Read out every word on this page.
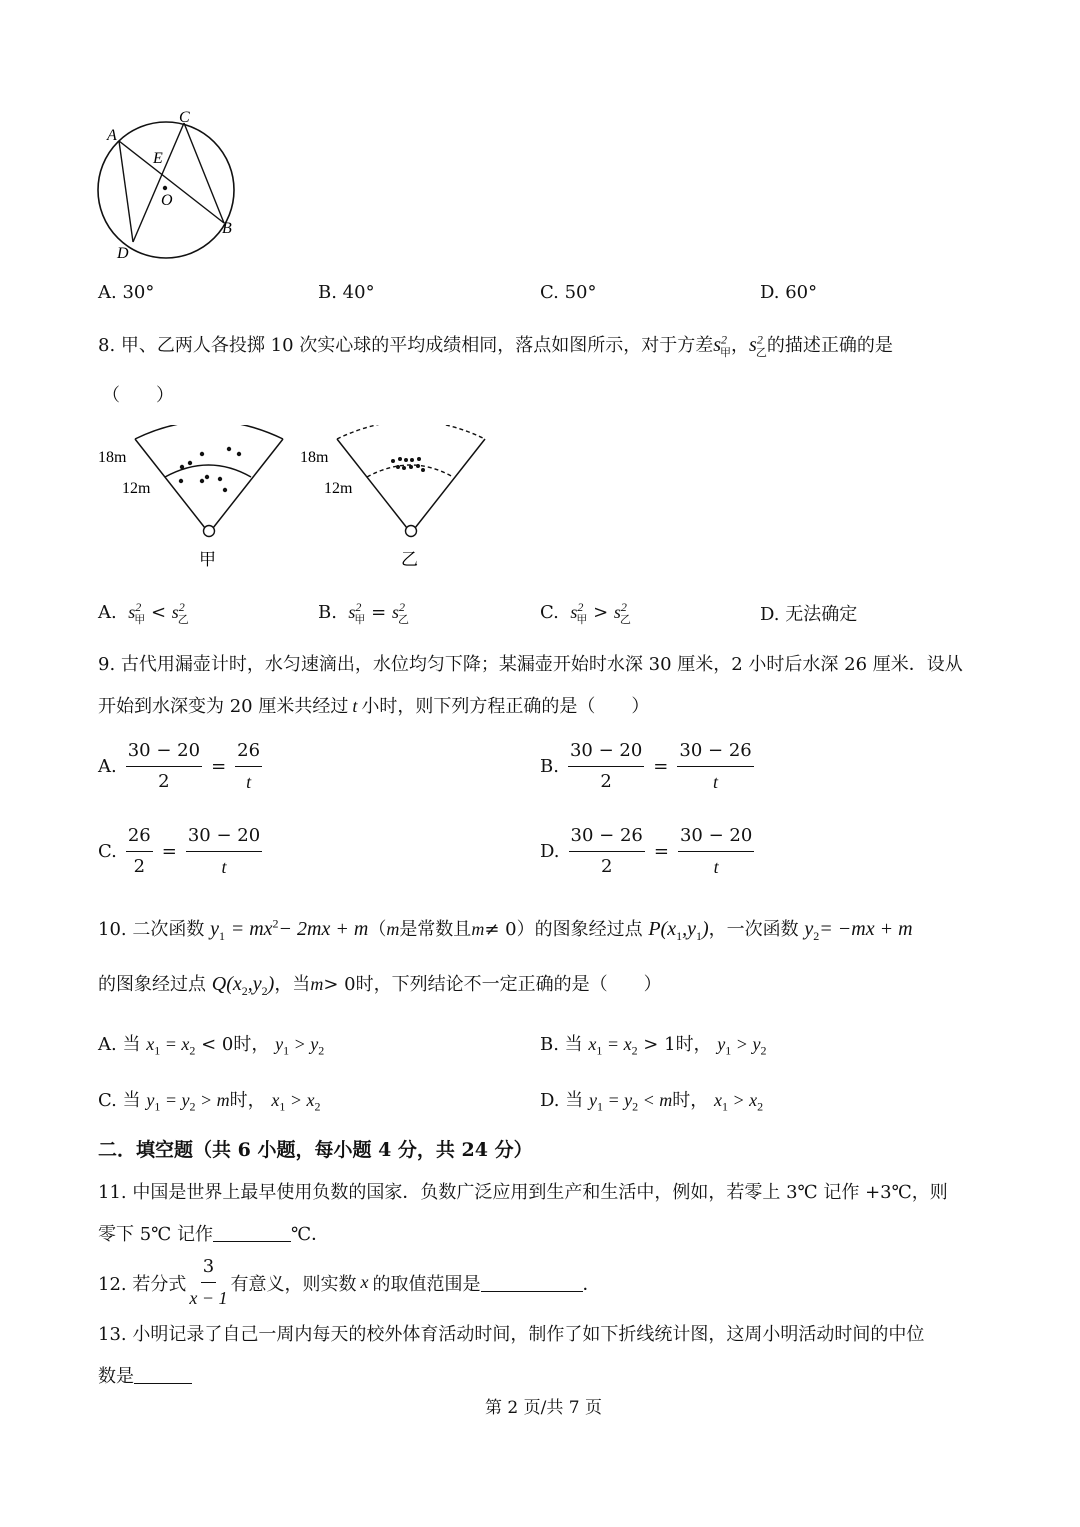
A
C
E
O
B
D
A. 30°	B. 40°	C. 50°	D. 60°
8. 甲、乙两人各投掷 10 次实心球的平均成绩相同，落点如图所示，对于方差$s^2_甲$，$s^2_乙$的描述正确的是
（　　）
18m
12m
甲
18m
12m
乙
A. $s^2_甲 < s^2_乙$	B. $s^2_甲 = s^2_乙$	C. $s^2_甲 > s^2_乙$	D. 无法确定
9. 古代用漏壶计时，水匀速滴出，水位均匀下降；某漏壶开始时水深 30 厘米，2 小时后水深 26 厘米．设从
开始到水深变为 20 厘米共经过 t 小时，则下列方程正确的是（　　）
A. $\frac{30 - 20}{2} = \frac{26}{t}$	B. $\frac{30 - 20}{2} = \frac{30 - 26}{t}$
C. $\frac{26}{2} = \frac{30 - 20}{t}$	D. $\frac{30 - 26}{2} = \frac{30 - 20}{t}$
10. 二次函数 $y_1 = mx^2- 2mx + m(m$是常数且m≠ 0）的图象经过点 $P(x_1,y_1)$，一次函数 $y_2= -mx + m$
的图象经过点 $Q(x_2,y_2)$，当m> 0时，下列结论不一定正确的是（　　）
A. 当 $x_1 = x_2 < 0$时， $y_1 > y_2$	B. 当 $x_1 = x_2 > 1$时， $y_1 > y_2$
C. 当 $y_1 = y_2 > m$时， $x_1 > x_2$	D. 当 $y_1 = y_2 < m$时， $x_1 > x_2$
二．填空题（共 6 小题，每小题 4 分，共 24 分）
11. 中国是世界上最早使用负数的国家．负数广泛应用到生产和生活中，例如，若零上 3℃ 记作 +3℃，则
零下 5℃ 记作	℃．
12. 若分式 $\frac{3}{x - 1}$ 有意义，则实数 x 的取值范围是	．
13. 小明记录了自己一周内每天的校外体育活动时间，制作了如下折线统计图，这周小明活动时间的中位
数是
第 2 页/共 7 页
